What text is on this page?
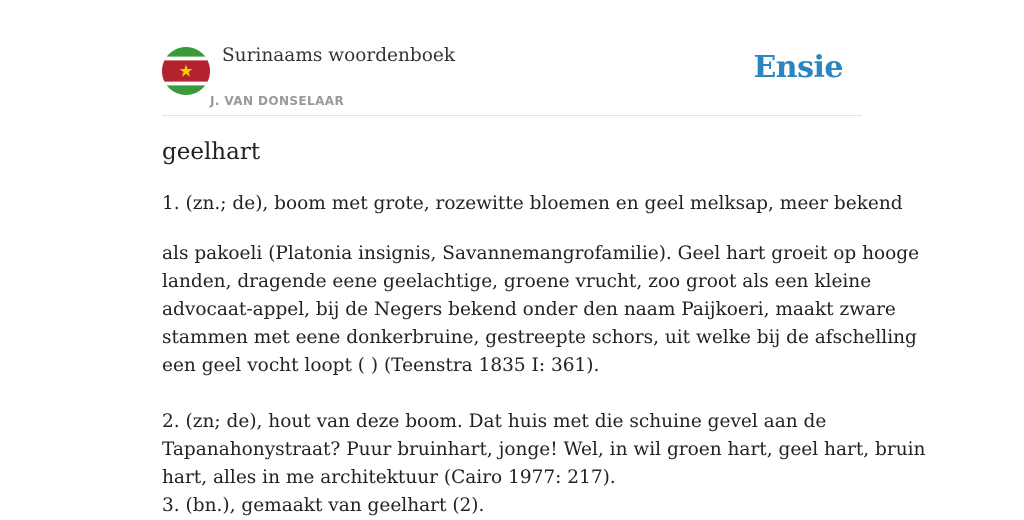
Surinaams woordenboek
J. VAN DONSELAAR
Ensie
geelhart
1. (zn.; de), boom met grote, rozewitte bloemen en geel melksap, meer bekend

als pakoeli (Platonia insignis, Savannemangrofamilie). Geel hart groeit op hooge

landen, dragende eene geelachtige, groene vrucht, zoo groot als een kleine

advocaat-appel, bij de Negers bekend onder den naam Paijkoeri, maakt zware

stammen met eene donkerbruine, gestreepte schors, uit welke bij de afschelling

een geel vocht loopt ( ) (Teenstra 1835 I: 361).

2. (zn; de), hout van deze boom. Dat huis met die schuine gevel aan de

Tapanahonystraat? Puur bruinhart, jonge! Wel, in wil groen hart, geel hart, bruin

hart, alles in me architektuur (Cairo 1977: 217).

3. (bn.), gemaakt van geelhart (2).
